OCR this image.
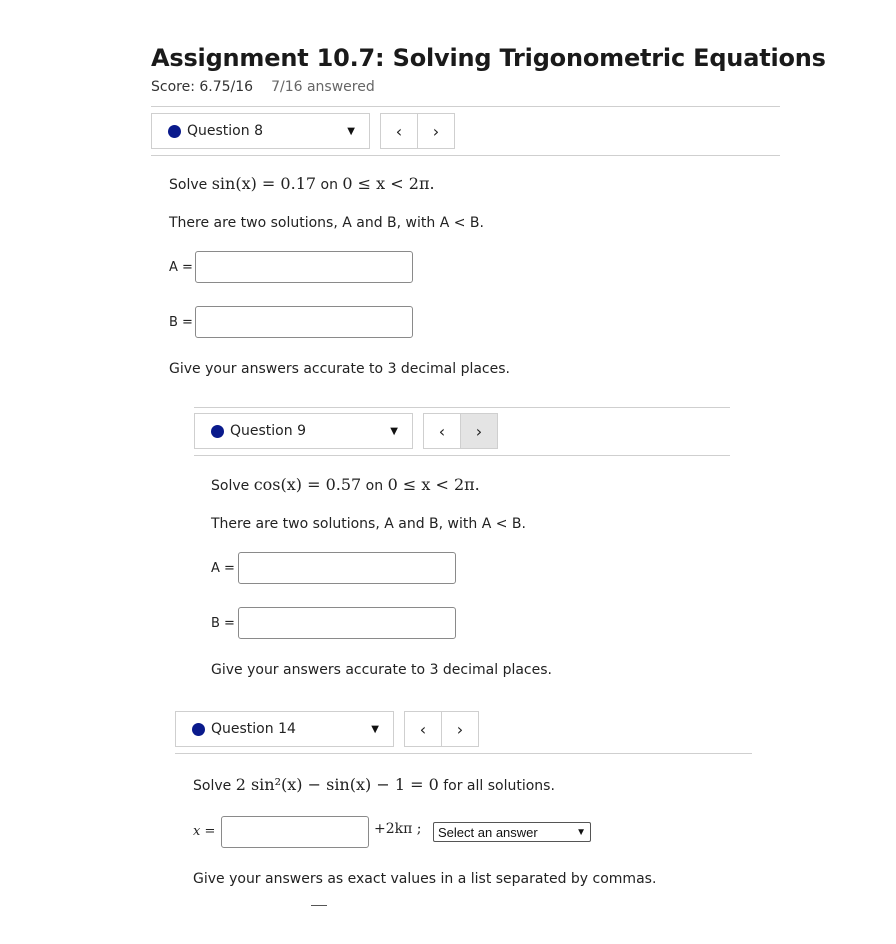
Assignment 10.7: Solving Trigonometric Equations
Score: 6.75/16 7/16 answered
Question 8	▼	‹	›
Solve sin(x) = 0.17 on 0 ≤ x < 2π.
There are two solutions, A and B, with A < B.
A =
B =
Give your answers accurate to 3 decimal places.
Question 9	▼	‹	›
Solve cos(x) = 0.57 on 0 ≤ x < 2π.
There are two solutions, A and B, with A < B.
A =
B =
Give your answers accurate to 3 decimal places.
Question 14	▼	‹	›
Solve 2 sin²(x) − sin(x) − 1 = 0 for all solutions.
x =	+2kπ ; Select an answer	▼
Give your answers as exact values in a list separated by commas.
